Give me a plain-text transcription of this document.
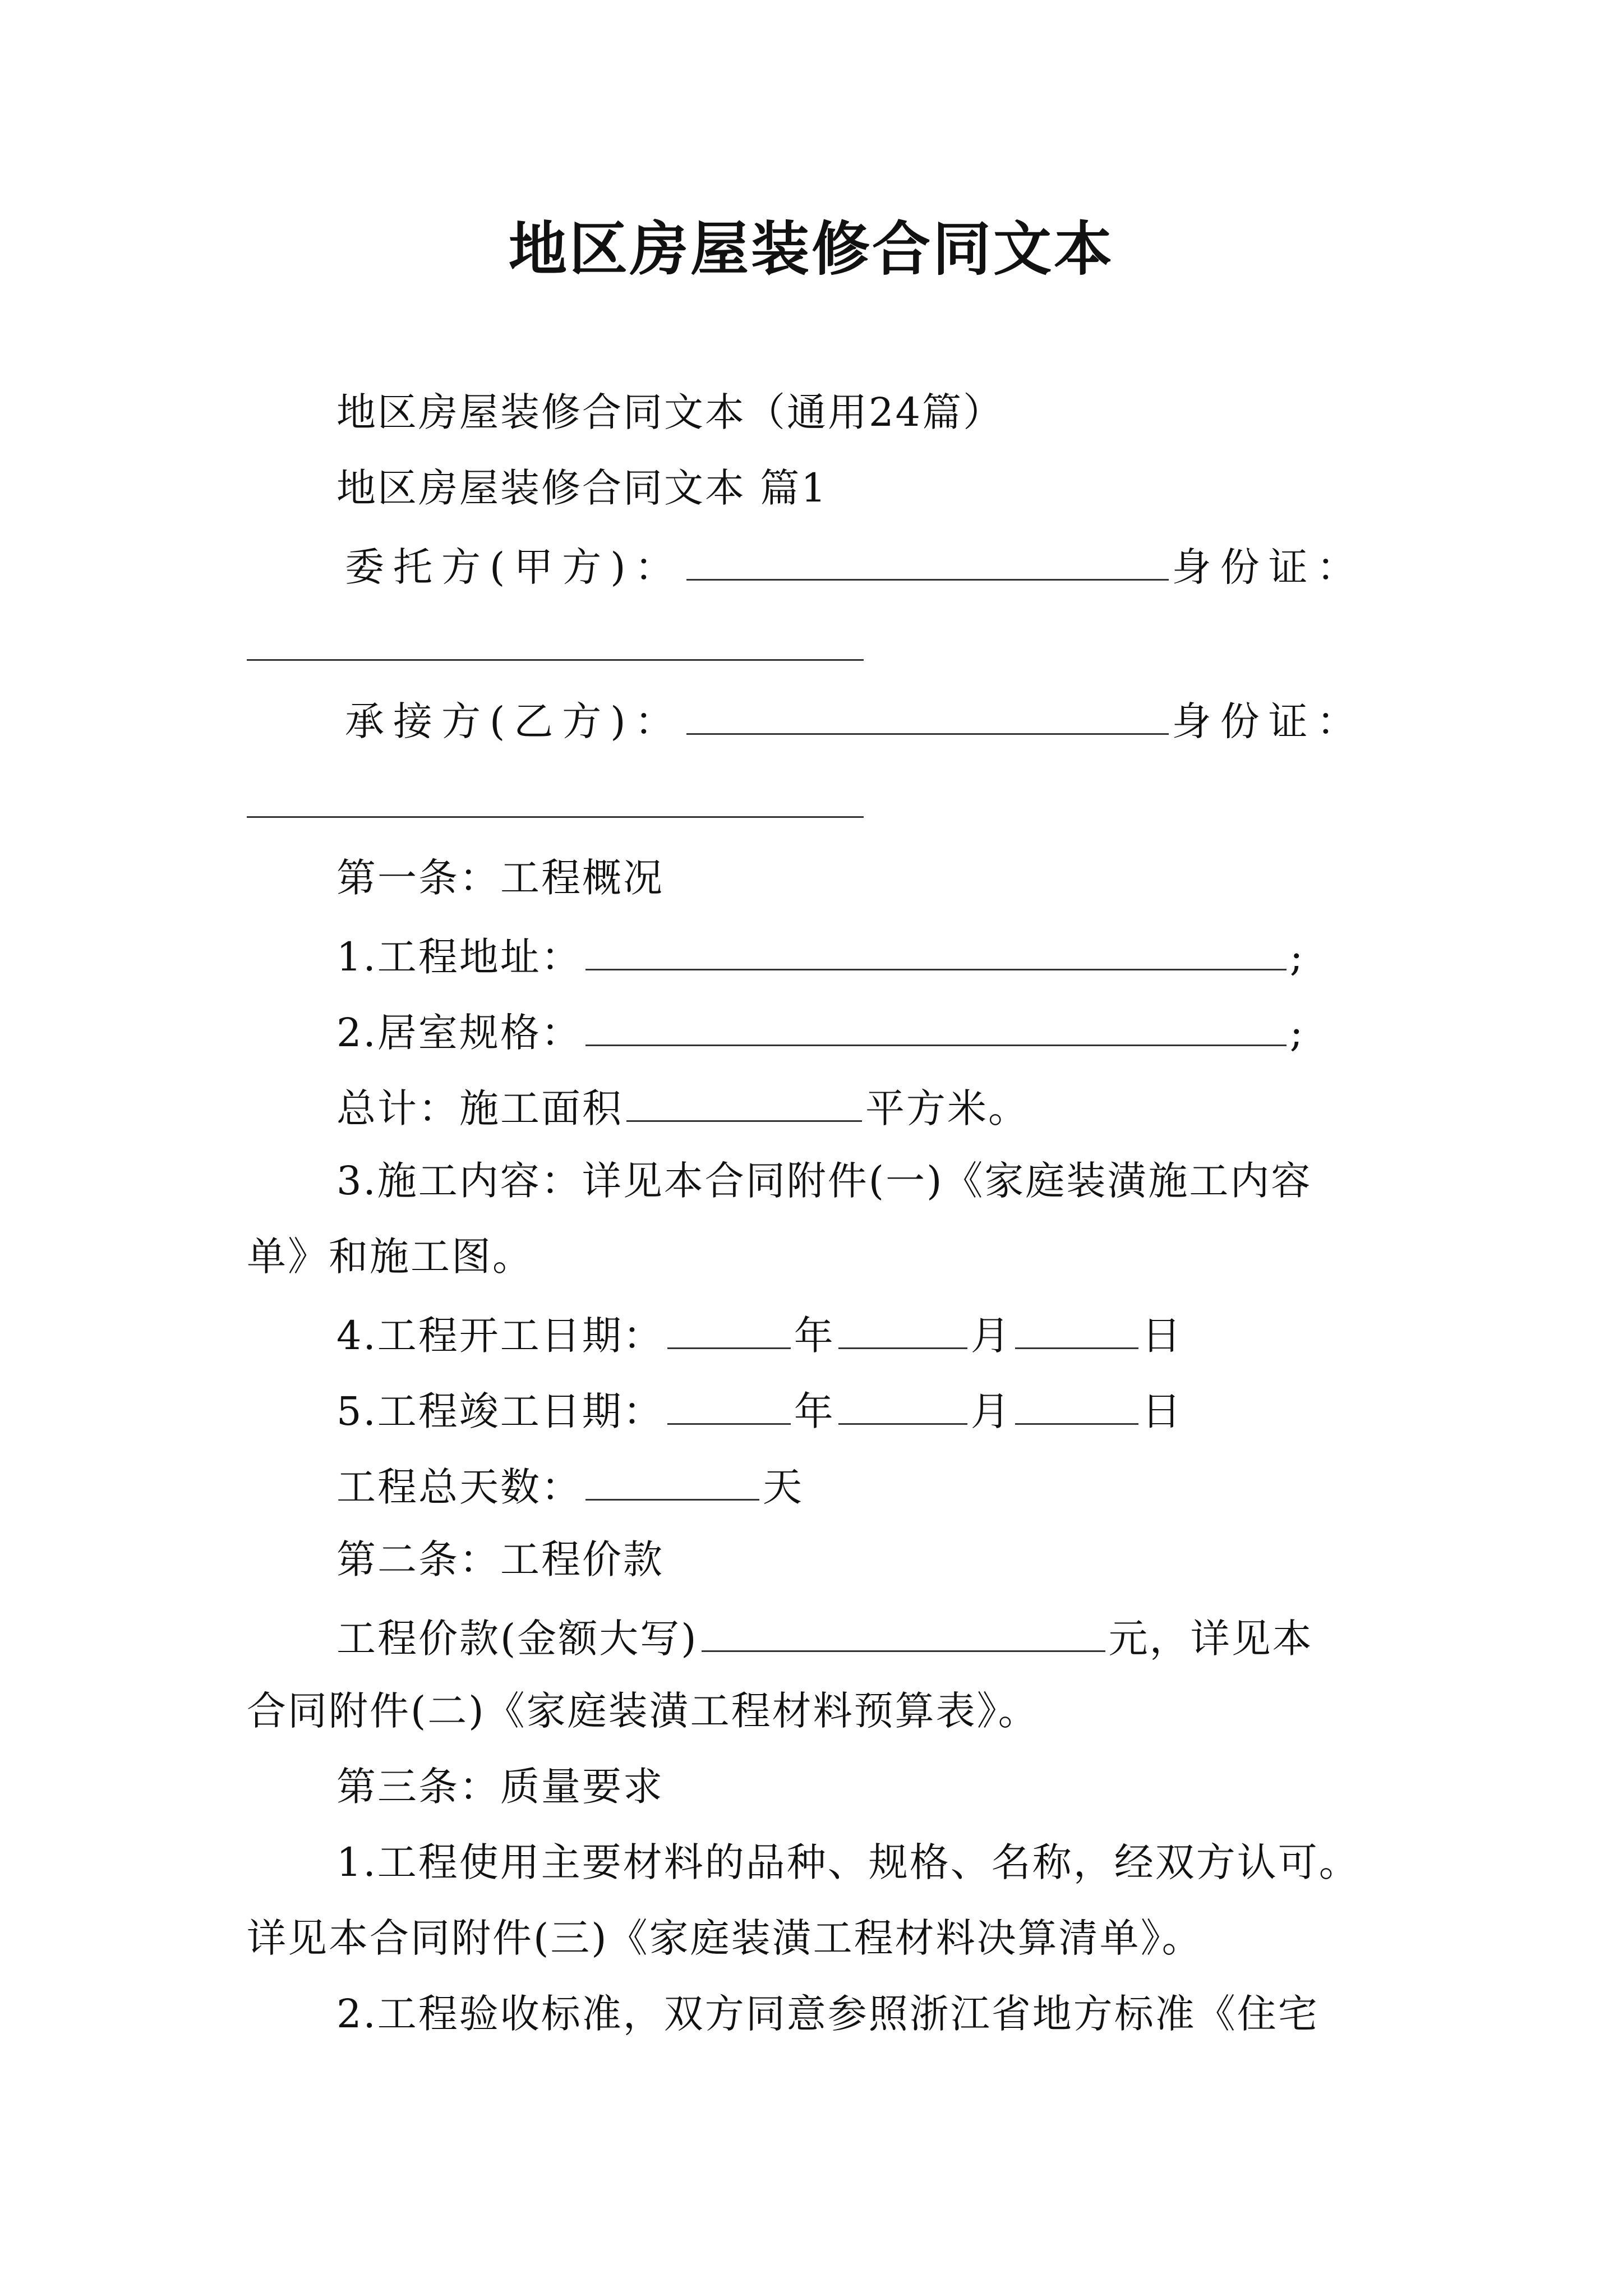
地区房屋装修合同文本
地区房屋装修合同文本（通用24篇）
地区房屋装修合同文本 篇1
委托方(甲方)：	身份证：
承接方(乙方)：	身份证：
第一条：工程概况
1.工程地址：	;
2.居室规格：	;
总计：施工面积	平方米。
3.施工内容：详见本合同附件(一)《家庭装潢施工内容
单》和施工图。
4.工程开工日期：	年	月	日
5.工程竣工日期：	年	月	日
工程总天数：	天
第二条：工程价款
工程价款(金额大写)	元，详见本
合同附件(二)《家庭装潢工程材料预算表》。
第三条：质量要求
1.工程使用主要材料的品种、规格、名称，经双方认可。
详见本合同附件(三)《家庭装潢工程材料决算清单》。
2.工程验收标准，双方同意参照浙江省地方标准《住宅
